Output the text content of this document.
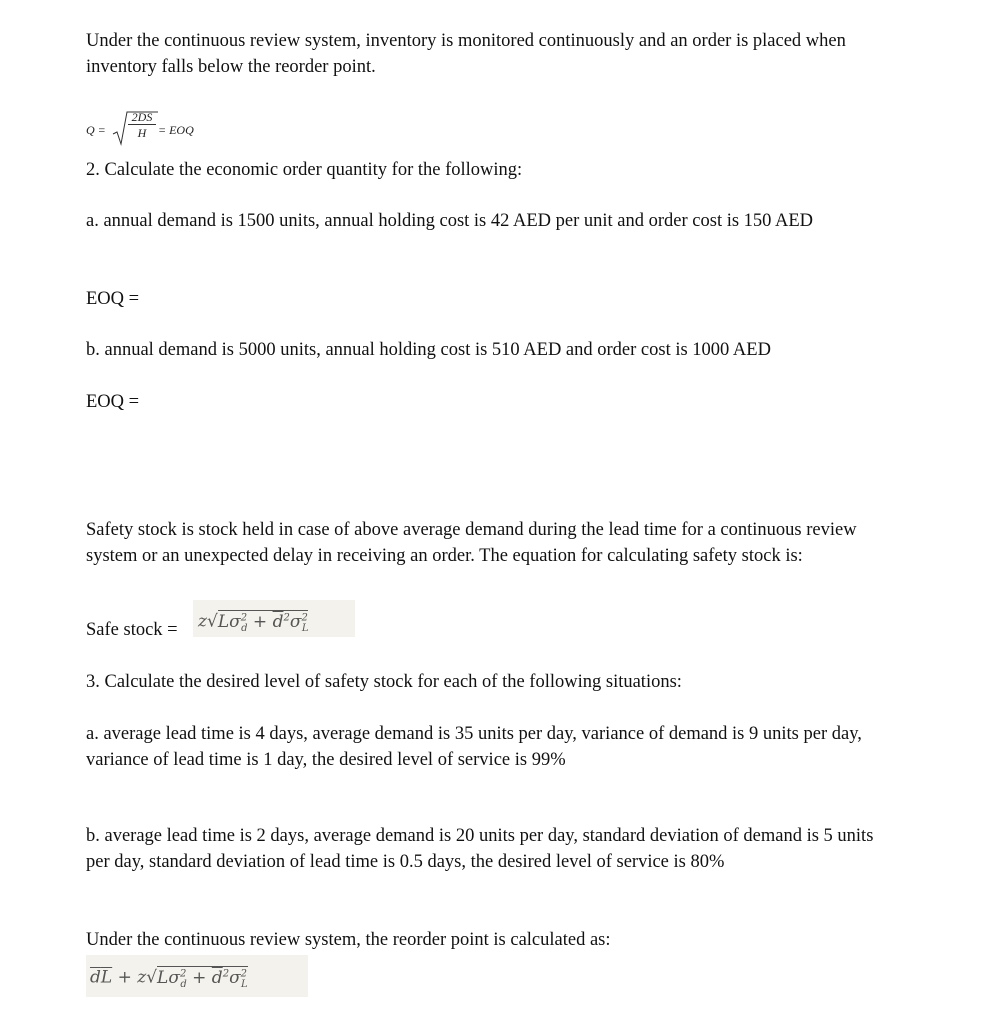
Under the continuous review system, inventory is monitored continuously and an order is placed when inventory falls below the reorder point.

Q =
2DS
H = EOQ

2. Calculate the economic order quantity for the following:

a. annual demand is 1500 units, annual holding cost is 42 AED per unit and order cost is 150 AED

EOQ =

b. annual demand is 5000 units, annual holding cost is 510 AED and order cost is 1000 AED

EOQ =

Safety stock is stock held in case of above average demand during the lead time for a continuous review system or an unexpected delay in receiving an order. The equation for calculating safety stock is:

Safe stock = $z√L\sigma^2_d + \overline{d}^2\sigma^2_L$

3. Calculate the desired level of safety stock for each of the following situations:

a. average lead time is 4 days, average demand is 35 units per day, variance of demand is 9 units per day, variance of lead time is 1 day, the desired level of service is 99%

b. average lead time is 2 days, average demand is 20 units per day, standard deviation of demand is 5 units per day, standard deviation of lead time is 0.5 days, the desired level of service is 80%

Under the continuous review system, the reorder point is calculated as:

$\overline{d}\overline{L} + z√L\sigma^2_d + \overline{d}^2\sigma^2_L$
